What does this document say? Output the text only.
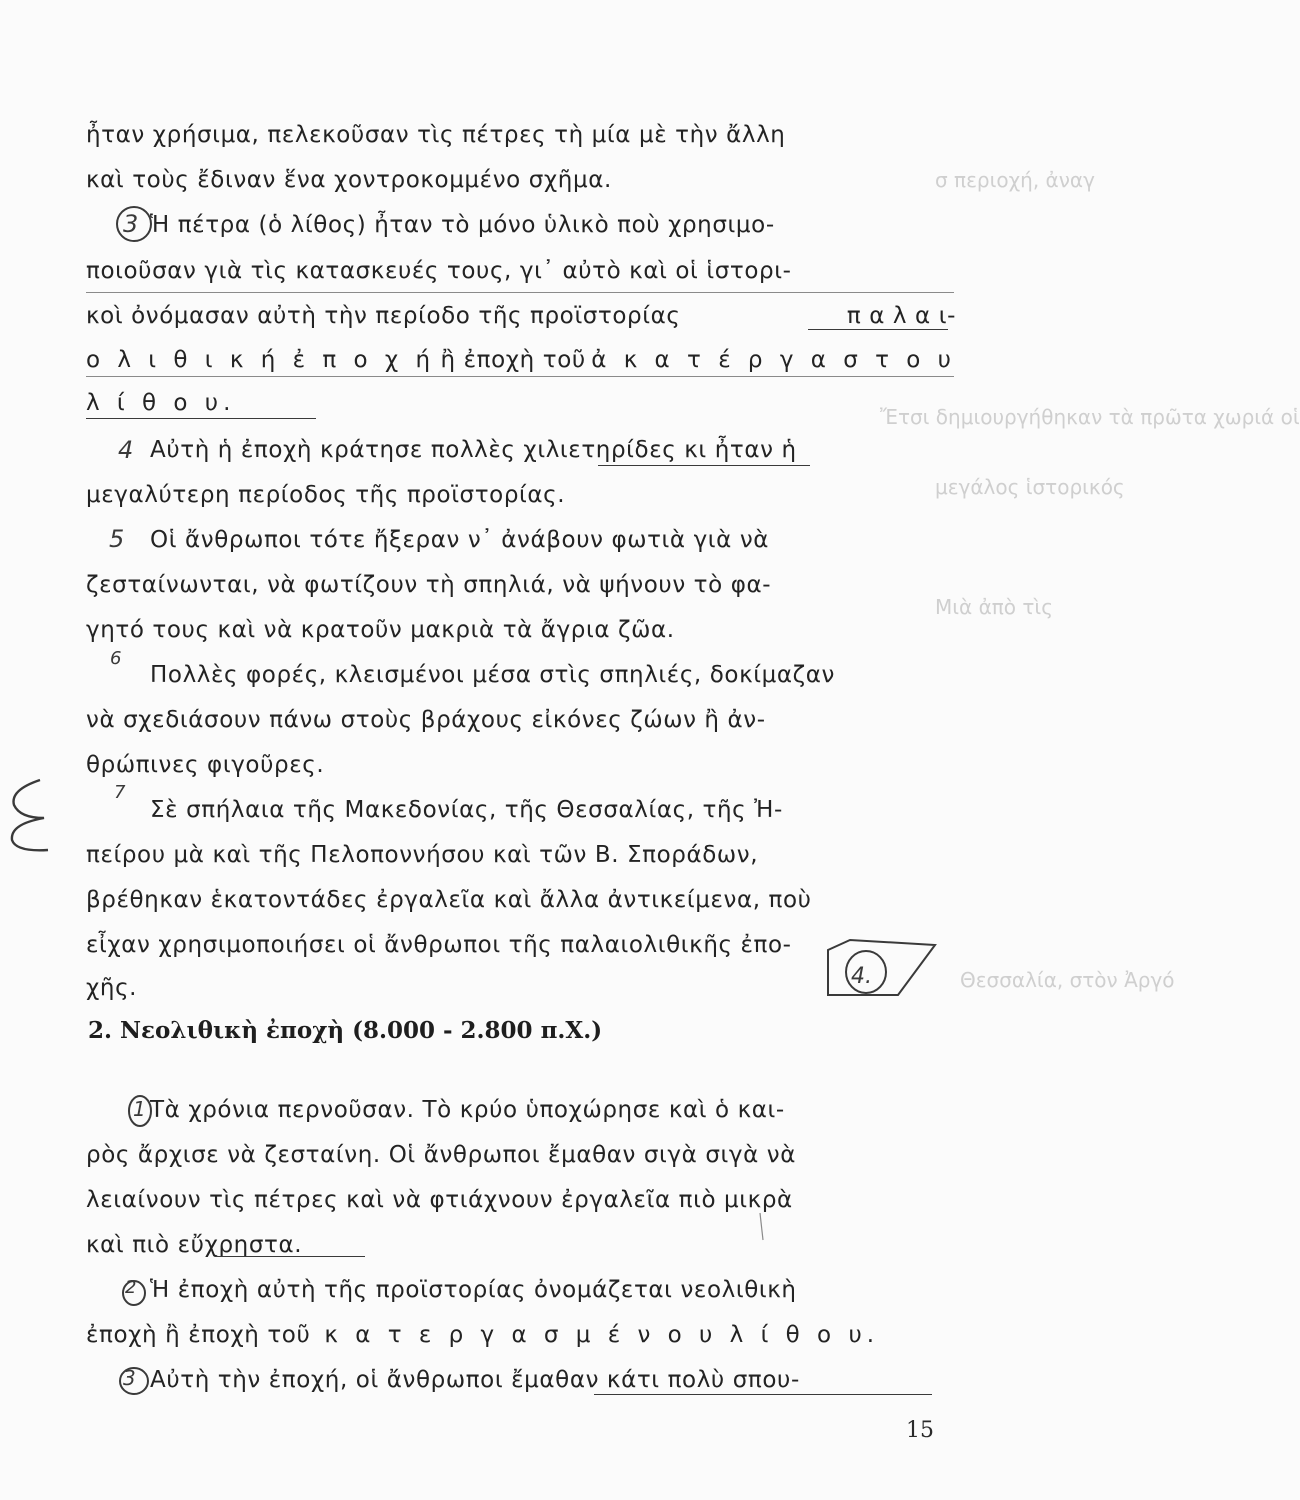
σ περιοχή, ἀναγ
Ἔτσι δημιουργήθηκαν τὰ πρῶτα χωριά οἱ
μεγάλος ἱστορικός
Μιὰ ἀπὸ τὶς
Θεσσαλία, στὸν Ἀργό
ἦταν χρήσιμα, πελεκοῦσαν τὶς πέτρες τὴ μία μὲ τὴν ἄλλη
καὶ τοὺς ἔδιναν ἕνα χοντροκομμένο σχῆμα.
Ἡ πέτρα (ὁ λίθος) ἦταν τὸ μόνο ὑλικὸ ποὺ χρησιμο-
ποιοῦσαν γιὰ τὶς κατασκευές τους, γι᾽ αὐτὸ καὶ οἱ ἱστορι-
κοὶ ὀνόμασαν αὐτὴ τὴν περίοδο τῆς προϊστορίας	π α λ α ι-
ο λ ι θ ι κ ή ἐ π ο χ ή ἢ ἐποχὴ τοῦ ἀ κ α τ έ ρ γ α σ τ ο υ
λ ί θ ο υ.
Αὐτὴ ἡ ἐποχὴ κράτησε πολλὲς χιλιετηρίδες κι ἦταν ἡ
μεγαλύτερη περίοδος τῆς προϊστορίας.
Οἱ ἄνθρωποι τότε ἤξεραν ν᾽ ἀνάβουν φωτιὰ γιὰ νὰ
ζεσταίνωνται, νὰ φωτίζουν τὴ σπηλιά, νὰ ψήνουν τὸ φα-
γητό τους καὶ νὰ κρατοῦν μακριὰ τὰ ἄγρια ζῶα.
Πολλὲς φορές, κλεισμένοι μέσα στὶς σπηλιές, δοκίμαζαν
νὰ σχεδιάσουν πάνω στοὺς βράχους εἰκόνες ζώων ἢ ἀν-
θρώπινες φιγοῦρες.
Σὲ σπήλαια τῆς Μακεδονίας, τῆς Θεσσαλίας, τῆς Ἠ-
πείρου μὰ καὶ τῆς Πελοποννήσου καὶ τῶν Β. Σποράδων,
βρέθηκαν ἑκατοντάδες ἐργαλεῖα καὶ ἄλλα ἀντικείμενα, ποὺ
εἶχαν χρησιμοποιήσει οἱ ἄνθρωποι τῆς παλαιολιθικῆς ἐπο-
χῆς.
2. Νεολιθικὴ ἐποχὴ (8.000 - 2.800 π.Χ.)
Τὰ χρόνια περνοῦσαν. Τὸ κρύο ὑποχώρησε καὶ ὁ και-
ρὸς ἄρχισε νὰ ζεσταίνη. Οἱ ἄνθρωποι ἔμαθαν σιγὰ σιγὰ νὰ
λειαίνουν τὶς πέτρες καὶ νὰ φτιάχνουν ἐργαλεῖα πιὸ μικρὰ
καὶ πιὸ εὔχρηστα.
Ἡ ἐποχὴ αὐτὴ τῆς προϊστορίας ὀνομάζεται νεολιθικὴ
ἐποχὴ ἢ ἐποχὴ τοῦ κ α τ ε ρ γ α σ μ έ ν ο υ λ ί θ ο υ.
Αὐτὴ τὴν ἐποχή, οἱ ἄνθρωποι ἔμαθαν κάτι πολὺ σπου-
15
3
4
5
6
7
1
2
3
4.
